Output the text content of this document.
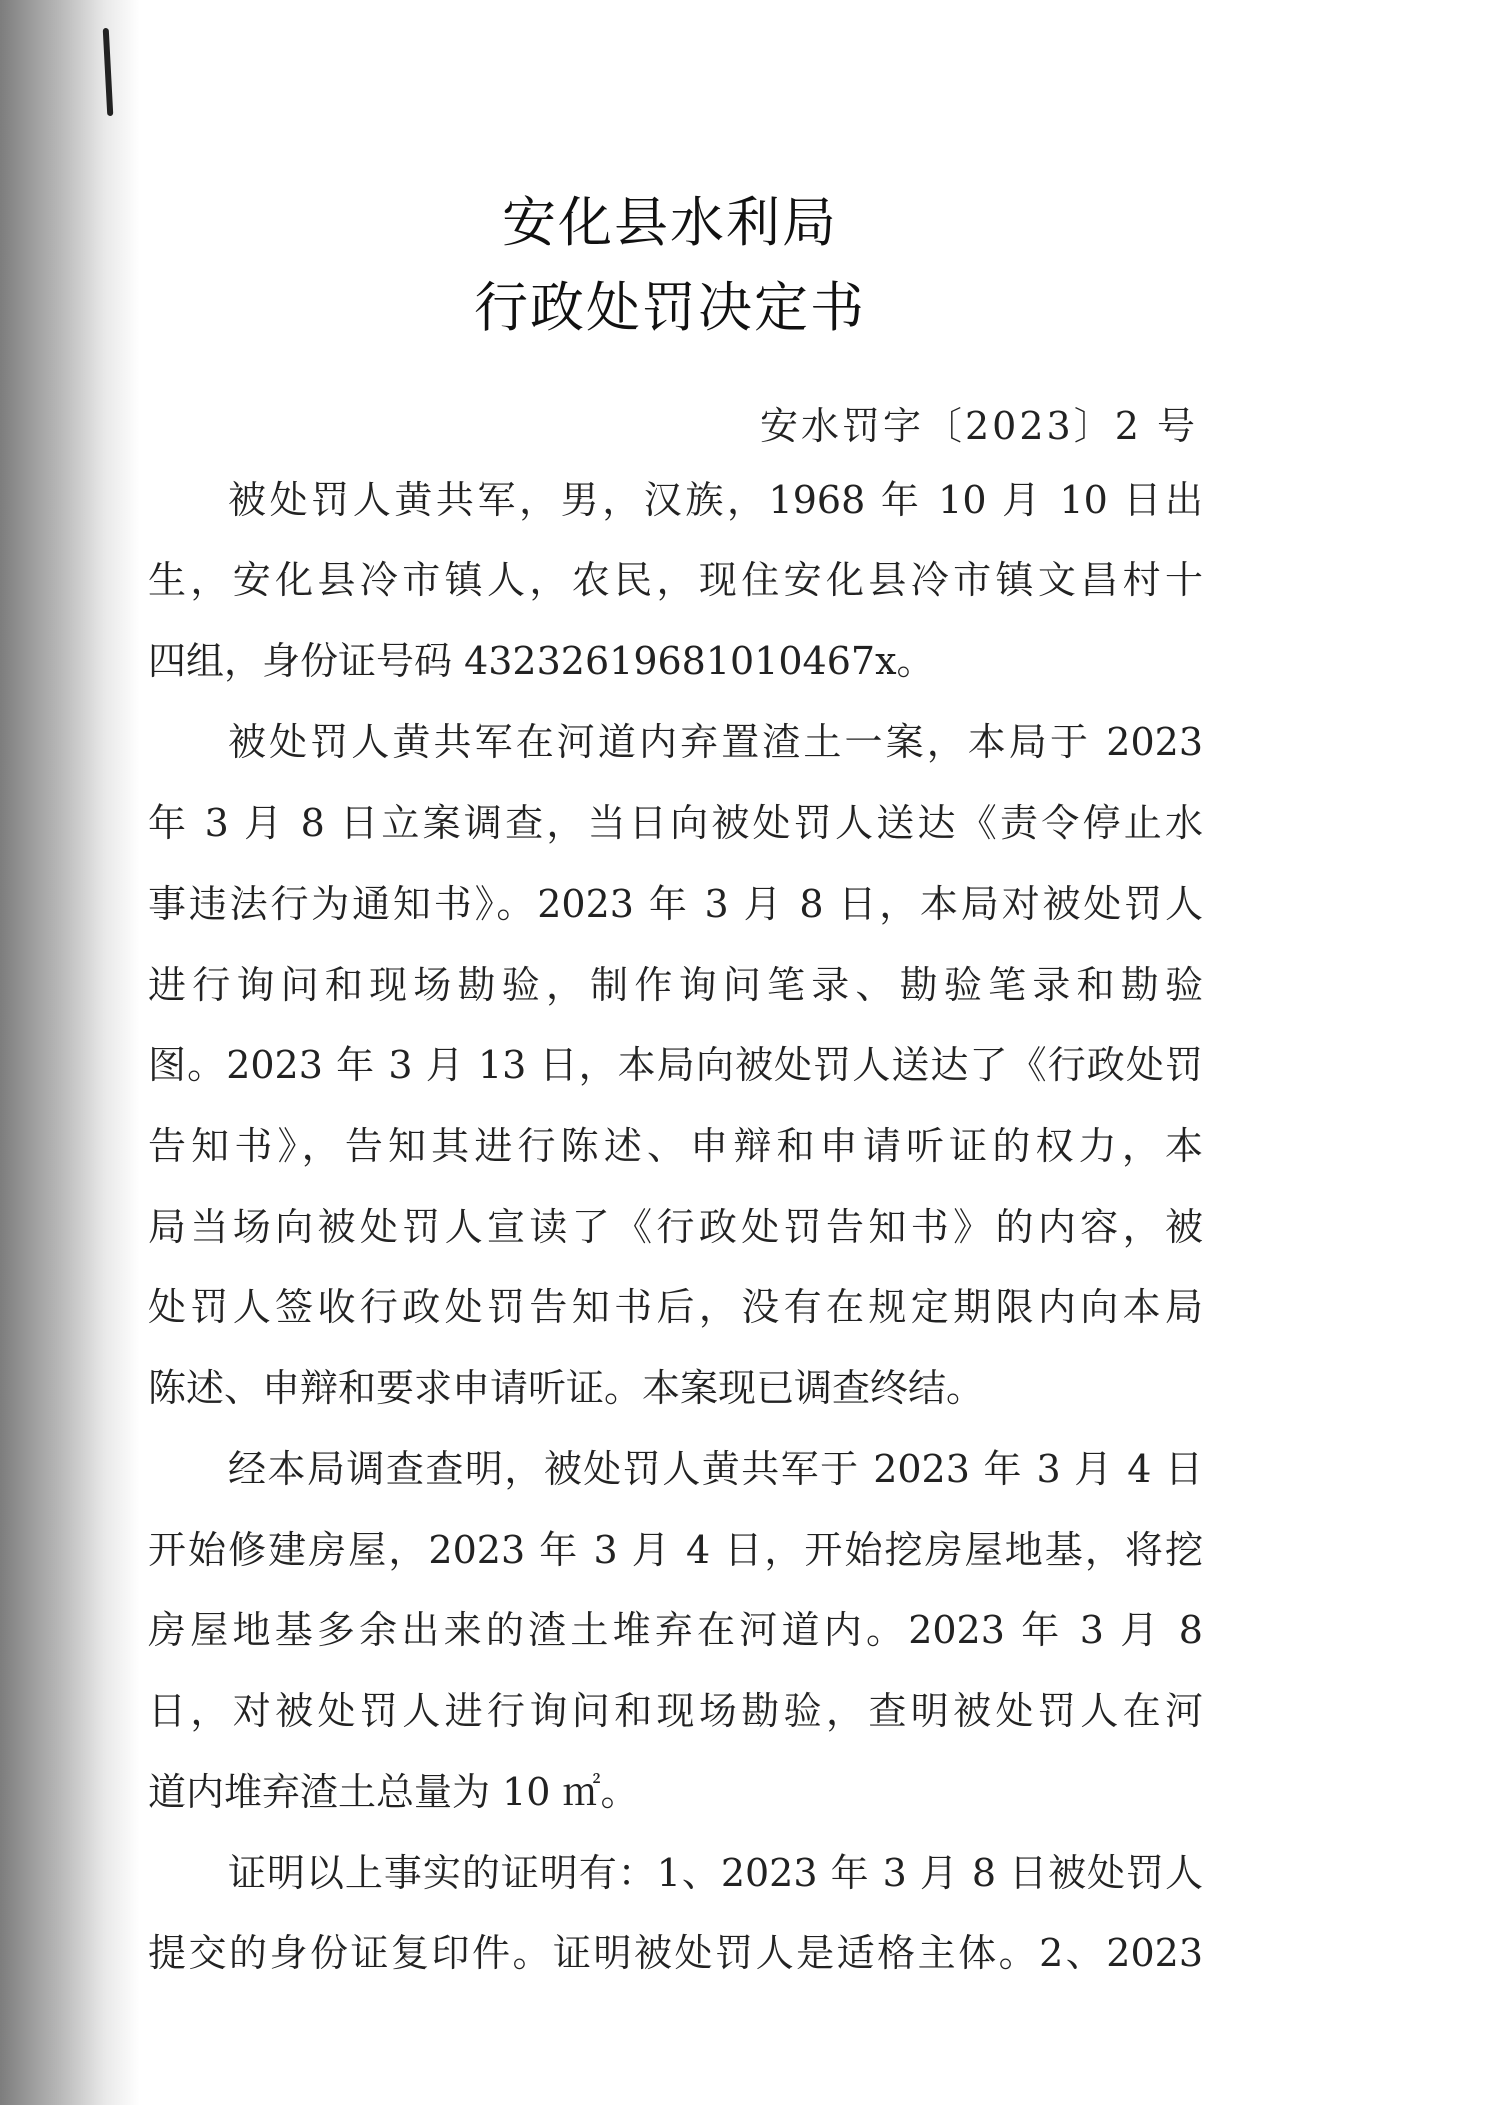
安化县水利局
行政处罚决定书
安水罚字〔2023〕2 号
被处罚人黄共军，男，汉族，1968 年 10 月 10 日出
生，安化县冷市镇人，农民，现住安化县冷市镇文昌村十
四组，身份证号码 43232619681010467x。
被处罚人黄共军在河道内弃置渣土一案，本局于 2023
年 3 月 8 日立案调查，当日向被处罚人送达《责令停止水
事违法行为通知书》。2023 年 3 月 8 日，本局对被处罚人
进行询问和现场勘验，制作询问笔录、勘验笔录和勘验
图。2023 年 3 月 13 日，本局向被处罚人送达了《行政处罚
告知书》，告知其进行陈述、申辩和申请听证的权力，本
局当场向被处罚人宣读了《行政处罚告知书》的内容，被
处罚人签收行政处罚告知书后，没有在规定期限内向本局
陈述、申辩和要求申请听证。本案现已调查终结。
经本局调查查明，被处罚人黄共军于 2023 年 3 月 4 日
开始修建房屋，2023 年 3 月 4 日，开始挖房屋地基，将挖
房屋地基多余出来的渣土堆弃在河道内。2023 年 3 月 8
日，对被处罚人进行询问和现场勘验，查明被处罚人在河
道内堆弃渣土总量为 10 ㎡。
证明以上事实的证明有：1、2023 年 3 月 8 日被处罚人
提交的身份证复印件。证明被处罚人是适格主体。2、2023
